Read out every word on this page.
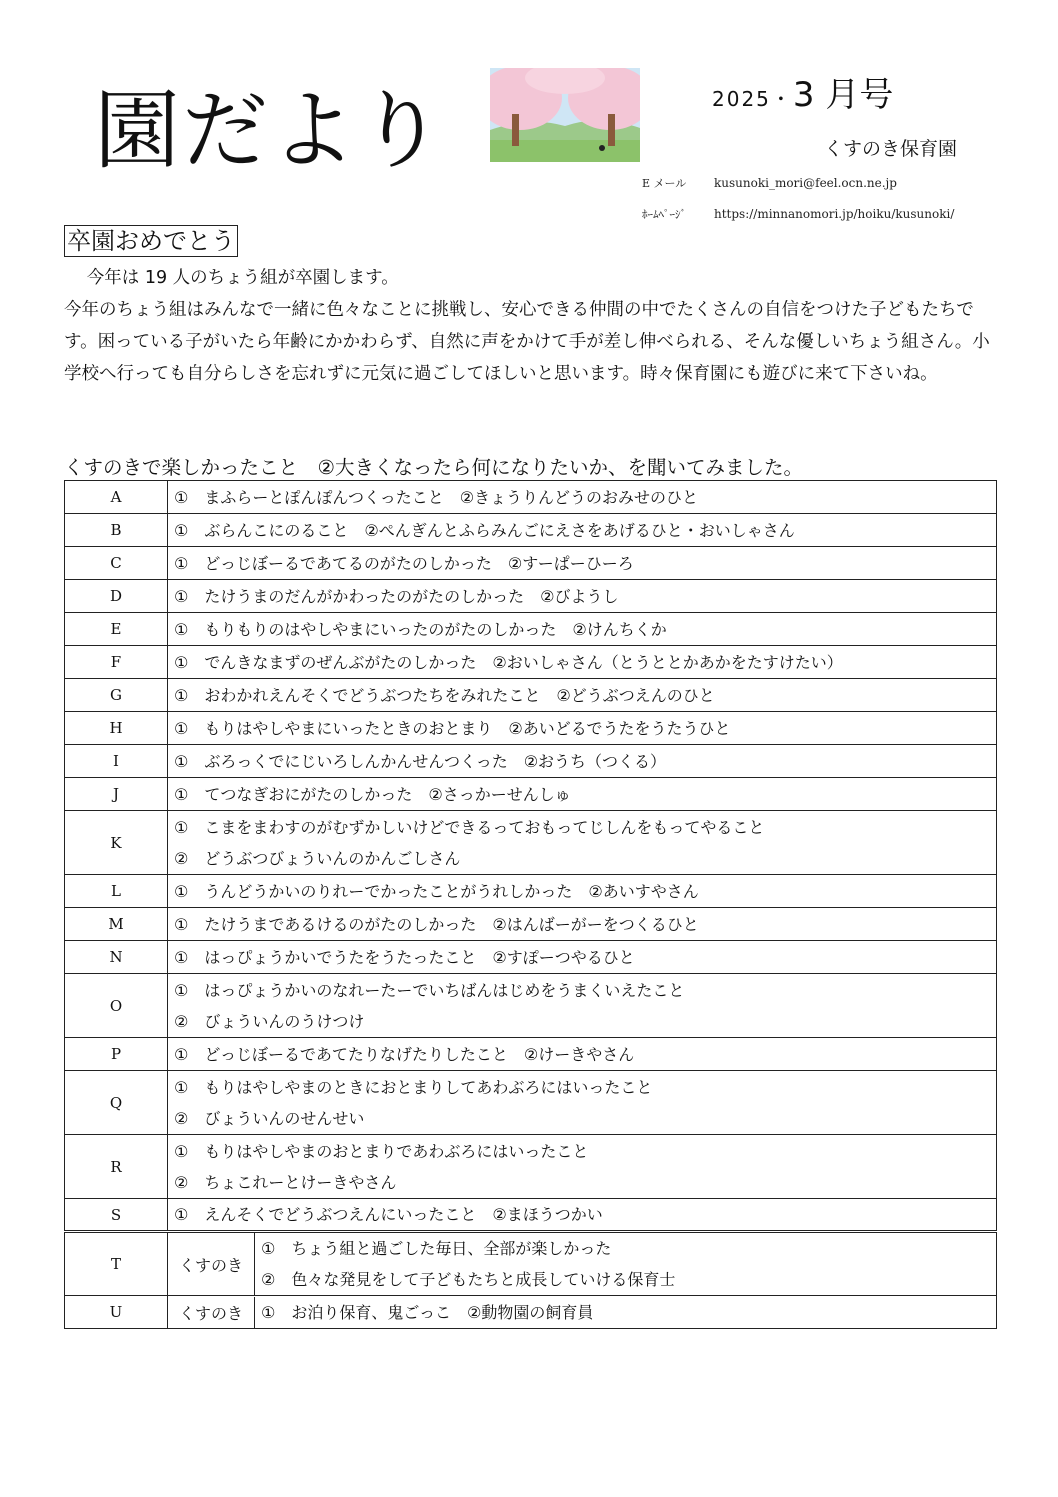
園だより	2025・3 月号
くすのき保育園
E メール kusunoki_mori@feel.ocn.ne.jp
ﾎｰﾑﾍﾟｰｼﾞ https://minnanomori.jp/hoiku/kusunoki/
卒園おめでとう

今年は 19 人のちょう組が卒園します。

今年のちょう組はみんなで一緒に色々なことに挑戦し、安心できる仲間の中でたくさんの自信をつけた子どもたちです。困っている子がいたら年齢にかかわらず、自然に声をかけて手が差し伸べられる、そんな優しいちょう組さん。小学校へ行っても自分らしさを忘れずに元気に過ごしてほしいと思います。時々保育園にも遊びに来て下さいね。

くすのきで楽しかったこと　②大きくなったら何になりたいか、を聞いてみました。
A	①　まふらーとぽんぽんつくったこと　②きょうりんどうのおみせのひと

B	①　ぶらんこにのること　②ぺんぎんとふらみんごにえさをあげるひと・おいしゃさん

C	①　どっじぼーるであてるのがたのしかった　②すーぱーひーろ

D	①　たけうまのだんがかわったのがたのしかった　②びようし

E	①　もりもりのはやしやまにいったのがたのしかった　②けんちくか

F	①　でんきなまずのぜんぶがたのしかった　②おいしゃさん（とうととかあかをたすけたい）

G	①　おわかれえんそくでどうぶつたちをみれたこと　②どうぶつえんのひと

H	①　もりはやしやまにいったときのおとまり　②あいどるでうたをうたうひと

I	①　ぶろっくでにじいろしんかんせんつくった　②おうち（つくる）

J	①　てつなぎおにがたのしかった　②さっかーせんしゅ

K	①　こまをまわすのがむずかしいけどできるっておもってじしんをもってやること
②　どうぶつびょういんのかんごしさん

L	①　うんどうかいのりれーでかったことがうれしかった　②あいすやさん

M	①　たけうまであるけるのがたのしかった　②はんばーがーをつくるひと

N	①　はっぴょうかいでうたをうたったこと　②すぽーつやるひと

O	①　はっぴょうかいのなれーたーでいちばんはじめをうまくいえたこと
②　びょういんのうけつけ

P	①　どっじぼーるであてたりなげたりしたこと　②けーきやさん

Q	①　もりはやしやまのときにおとまりしてあわぶろにはいったこと
②　びょういんのせんせい

R	①　もりはやしやまのおとまりであわぶろにはいったこと
②　ちょこれーとけーきやさん

S	①　えんそくでどうぶつえんにいったこと　②まほうつかい

T	くすのき
①　ちょう組と過ごした毎日、全部が楽しかった
②　色々な発見をして子どもたちと成長していける保育士

U	くすのき ①　お泊り保育、鬼ごっこ　②動物園の飼育員
